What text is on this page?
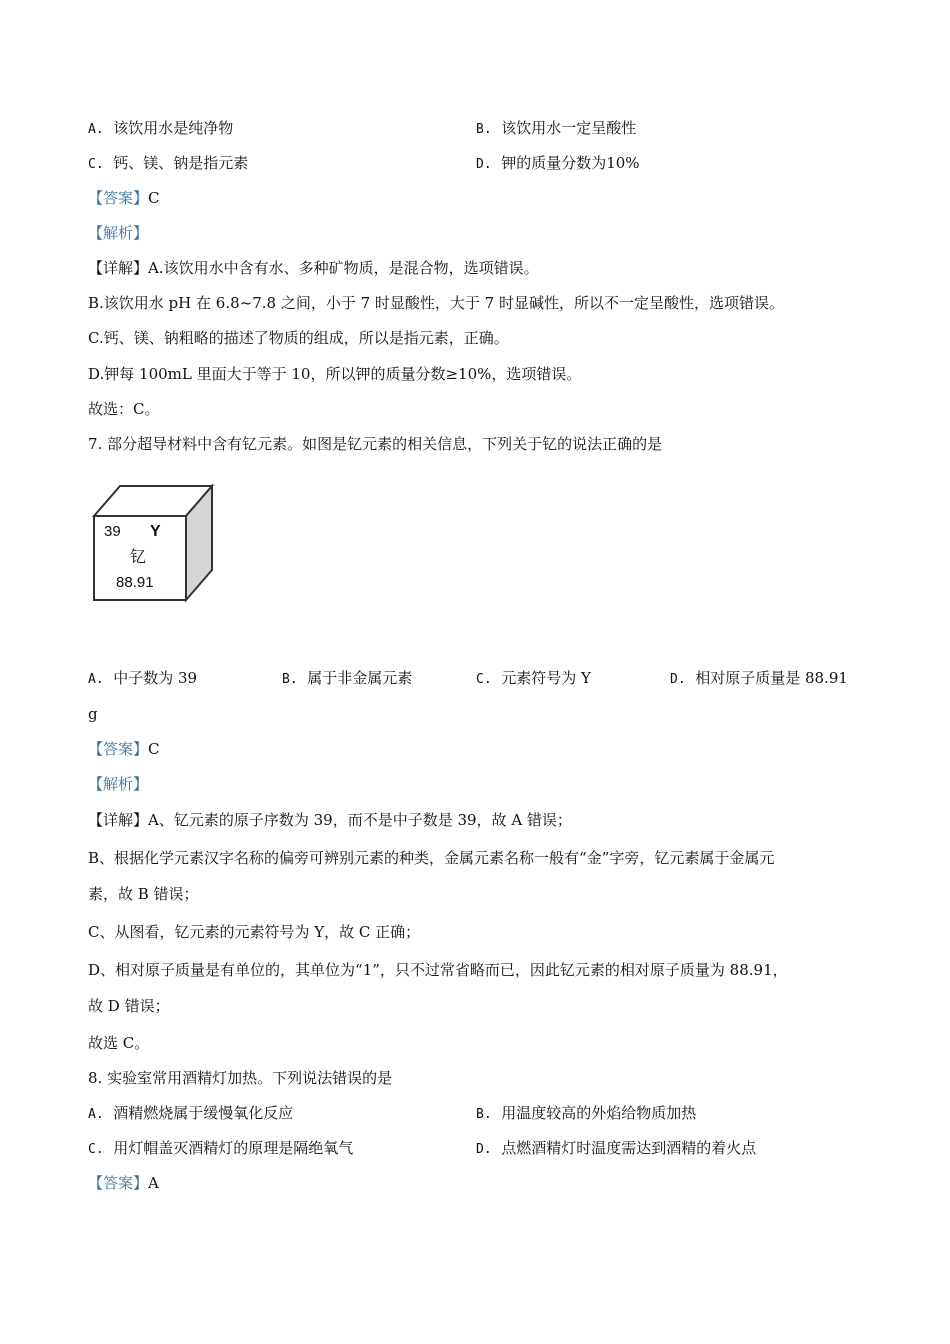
A. 该饮用水是纯净物	B. 该饮用水一定呈酸性
C. 钙、镁、钠是指元素	D. 钾的质量分数为10%
【答案】C
【解析】
【详解】A.该饮用水中含有水、多种矿物质，是混合物，选项错误。
B.该饮用水 pH 在 6.8~7.8 之间，小于 7 时显酸性，大于 7 时显碱性，所以不一定呈酸性，选项错误。
C.钙、镁、钠粗略的描述了物质的组成，所以是指元素，正确。
D.钾每 100mL 里面大于等于 10，所以钾的质量分数≥10%，选项错误。
故选：C。
7. 部分超导材料中含有钇元素。如图是钇元素的相关信息，下列关于钇的说法正确的是
39 Y
钇
88.91
A. 中子数为 39	B. 属于非金属元素	C. 元素符号为 Y	D. 相对原子质量是 88.91
g
【答案】C
【解析】
【详解】A、钇元素的原子序数为 39，而不是中子数是 39，故 A 错误；
B、根据化学元素汉字名称的偏旁可辨别元素的种类，金属元素名称一般有“金”字旁，钇元素属于金属元
素，故 B 错误；
C、从图看，钇元素的元素符号为 Y，故 C 正确；
D、相对原子质量是有单位的，其单位为“1”，只不过常省略而已，因此钇元素的相对原子质量为 88.91，
故 D 错误；
故选 C。
8. 实验室常用酒精灯加热。下列说法错误的是
A. 酒精燃烧属于缓慢氧化反应	B. 用温度较高的外焰给物质加热
C. 用灯帽盖灭酒精灯的原理是隔绝氧气	D. 点燃酒精灯时温度需达到酒精的着火点
【答案】A
